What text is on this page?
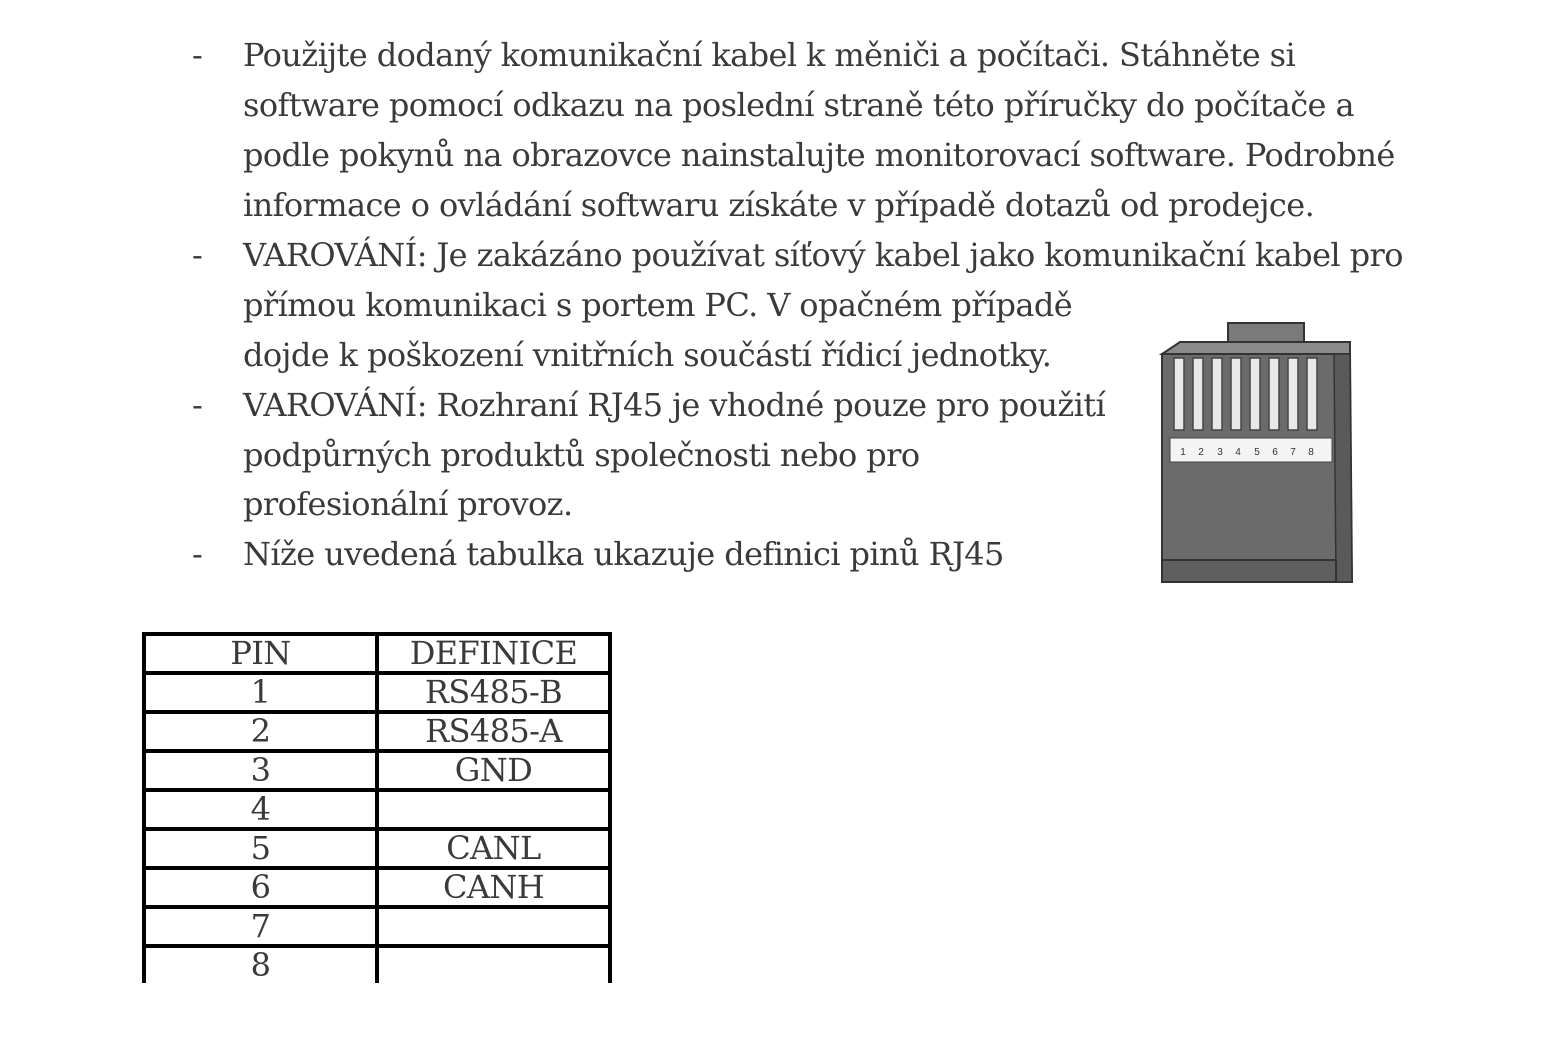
- Použijte dodaný komunikační kabel k měniči a počítači. Stáhněte si
software pomocí odkazu na poslední straně této příručky do počítače a
podle pokynů na obrazovce nainstalujte monitorovací software. Podrobné
informace o ovládání softwaru získáte v případě dotazů od prodejce.
- VAROVÁNÍ: Je zakázáno používat síťový kabel jako komunikační kabel pro
přímou komunikaci s portem PC. V opačném případě
dojde k poškození vnitřních součástí řídicí jednotky.
- VAROVÁNÍ: Rozhraní RJ45 je vhodné pouze pro použití
podpůrných produktů společnosti nebo pro
profesionální provoz.
- Níže uvedená tabulka ukazuje definici pinů RJ45
1 2 3 4 5 6 7 8
PIN	DEFINICE
1	RS485-B
2	RS485-A
3	GND
4	
5	CANL
6	CANH
7	
8	
